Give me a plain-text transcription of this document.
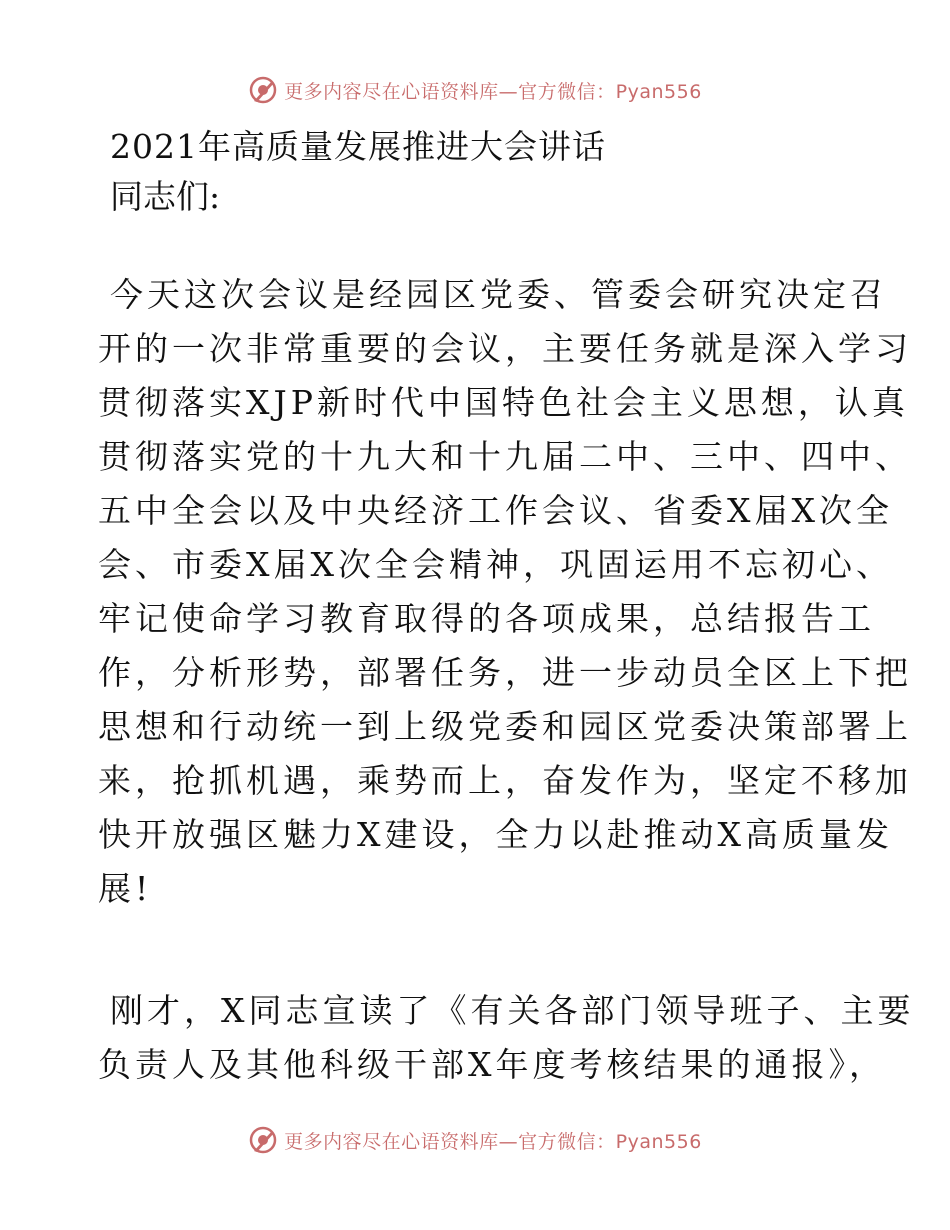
更多内容尽在心语资料库—官方微信：Pyan556
2021年高质量发展推进大会讲话
同志们:
今天这次会议是经园区党委、管委会研究决定召
开的一次非常重要的会议，主要任务就是深入学习
贯彻落实XJP新时代中国特色社会主义思想，认真
贯彻落实党的十九大和十九届二中、三中、四中、
五中全会以及中央经济工作会议、省委X届X次全
会、市委X届X次全会精神，巩固运用不忘初心、
牢记使命学习教育取得的各项成果，总结报告工
作，分析形势，部署任务，进一步动员全区上下把
思想和行动统一到上级党委和园区党委决策部署上
来，抢抓机遇，乘势而上，奋发作为，坚定不移加
快开放强区魅力X建设，全力以赴推动X高质量发
展!
刚才，X同志宣读了《有关各部门领导班子、主要
负责人及其他科级干部X年度考核结果的通报》，
更多内容尽在心语资料库—官方微信：Pyan556
